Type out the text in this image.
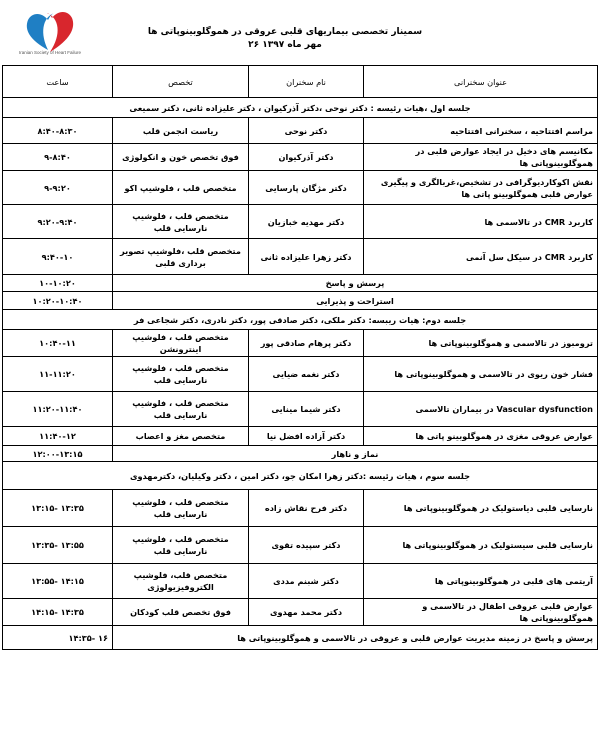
Iranian Society of Heart Failure
سمینار تخصصی بیماریهای قلبی عروقی در هموگلوبینوپاتی ها
۲۶ مهر ماه ۱۳۹۷
عنوان سخنرانی	نام سخنران	تخصص	ساعت
جلسه اول ،هیات رئیسه : دکتر نوحی ،دکتر آذرکیوان ، دکتر علیزاده ثانی، دکتر سمیعی			
مراسم افتتاحیه ، سخنرانی افتتاحیه	دکتر نوحی	ریاست انجمن قلب	۸:۴۰-۸:۳۰
مکانیسم های دخیل در ایجاد عوارض قلبی در هموگلوبینوپاتی ها	دکتر آذرکیوان	فوق تخصص خون و انکولوژی	۹-۸:۴۰
نقش اکوکاردیوگرافی در تشخیص،غربالگری و پیگیری عوارض قلبی هموگلوبینو پاتی ها	دکتر مژگان پارسایی	متخصص قلب ، فلوشیپ اکو	۹-۹:۲۰
کاربرد CMR در تالاسمی ها	دکتر مهدیه خبازیان	متخصص قلب ، فلوشیپ نارسایی قلب	۹:۲۰-۹:۴۰
کاربرد CMR در سیکل سل آنمی	دکتر زهرا علیزاده ثانی	متخصص قلب ،فلوشیپ تصویر برداری قلبی	۹:۴۰-۱۰
پرسش و پاسخ			۱۰-۱۰:۲۰
استراحت و پذیرایی			۱۰:۲۰-۱۰:۴۰
جلسه دوم: هیات ریبسه: دکتر ملکی، دکتر صادقی پور، دکتر نادری، دکتر شجاعی فر			
ترومبوز در تالاسمی و هموگلوبینوپاتی ها	دکتر پرهام صادقی پور	متخصص قلب ، فلوشیپ اینترونشن	۱۰:۴۰-۱۱
فشار خون ریوی در تالاسمی و هموگلوبینوپاتی ها	دکتر نغمه ضیایی	متخصص قلب ، فلوشیپ نارسایی قلب	۱۱-۱۱:۲۰
Vascular dysfunction در بیماران تالاسمی	دکتر شیما مینایی	متخصص قلب ، فلوشیپ نارسایی قلب	۱۱:۲۰-۱۱:۴۰
عوارض عروقی مغزی در هموگلوبینو پاتی ها	دکتر آزاده افضل نیا	متخصص مغز و اعصاب	۱۱:۴۰-۱۲
نماز و ناهار			۱۲:۰۰-۱۳:۱۵
جلسه سوم ، هیات رئیسه :دکتر زهرا امکان جو، دکتر امین ، دکتر وکیلیان، دکترمهدوی			
نارسایی قلبی دیاستولیک در هموگلوبینوپاتی ها	دکتر فرح نقاش زاده	متخصص قلب ، فلوشیپ نارسایی قلب	۱۳:۱۵- ۱۳:۳۵
نارسایی قلبی سیستولیک در هموگلوبینوپاتی ها	دکتر سپیده تقوی	متخصص قلب ، فلوشیپ نارسایی قلب	۱۳:۳۵- ۱۳:۵۵
آریتمی های قلبی در هموگلوبینوپاتی ها	دکتر شبنم مددی	متخصص قلب، فلوشیپ الکتروفیزیولوژی	۱۳:۵۵- ۱۴:۱۵
عوارض قلبی عروقی اطفال در تالاسمی و هموگلوبینوپاتی ها	دکتر محمد مهدوی	فوق تخصص قلب کودکان	۱۴:۱۵- ۱۴:۳۵
پرسش و پاسخ در زمینه مدیریت عوارض قلبی و عروقی در تالاسمی و هموگلوبینوپاتی ها			۱۴:۳۵- ۱۶
